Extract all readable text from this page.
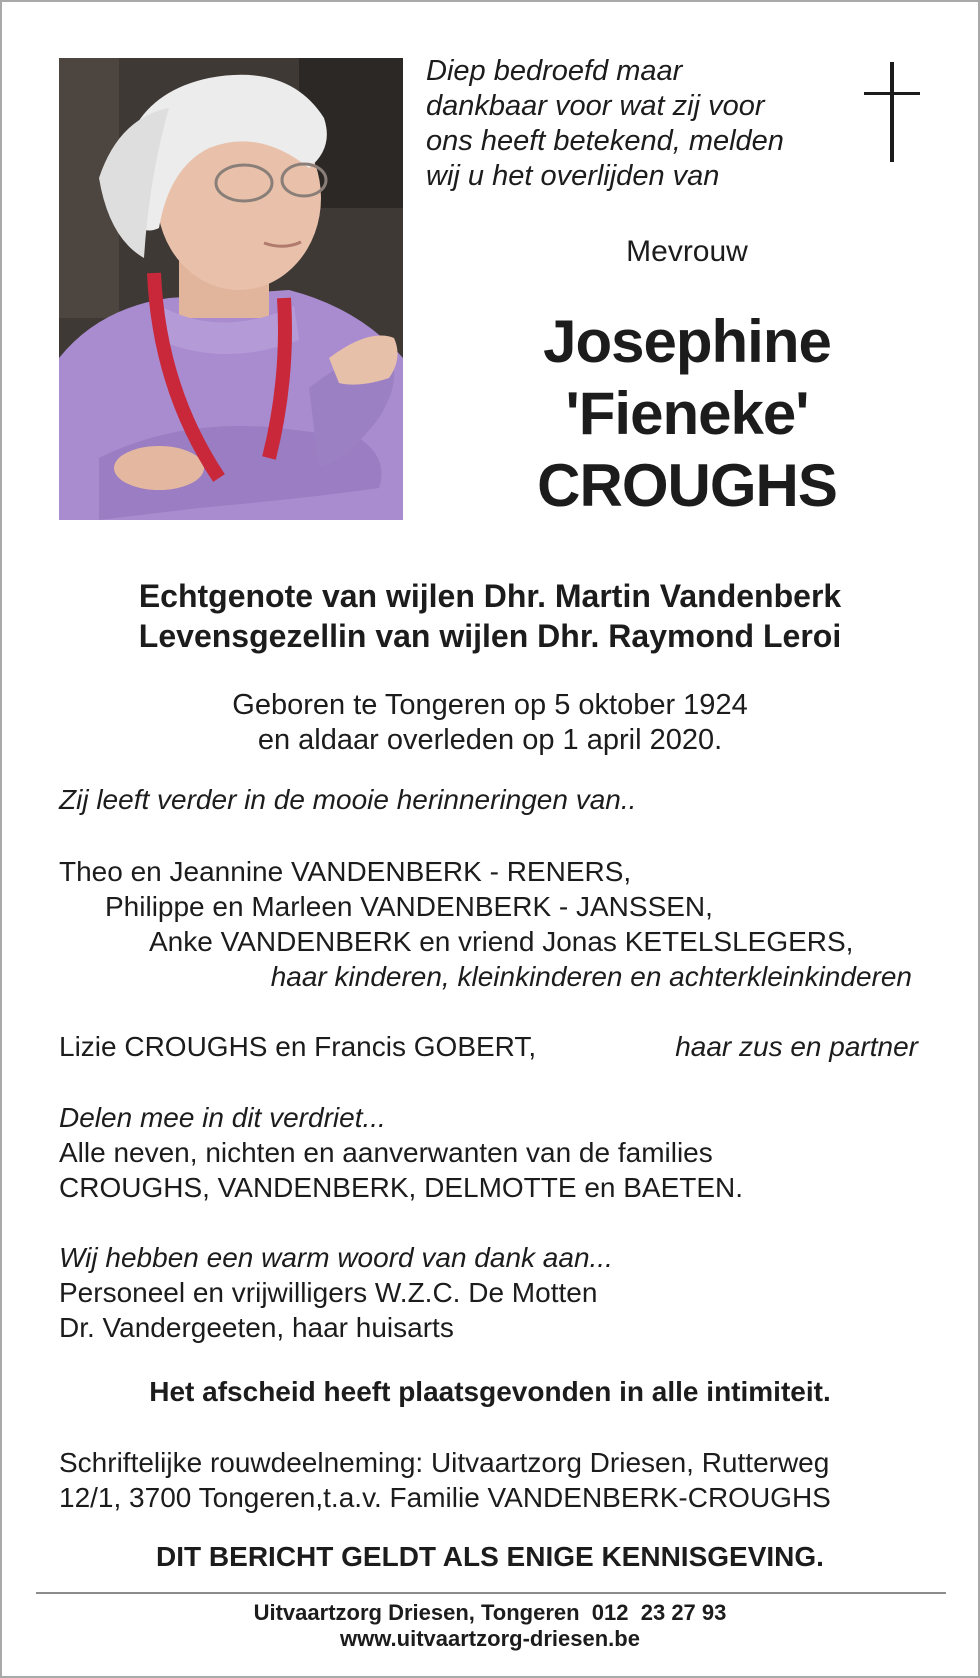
Diep bedroefd maar
dankbaar voor wat zij voor
ons heeft betekend, melden
wij u het overlijden van
Mevrouw
Josephine
'Fieneke'
CROUGHS
Echtgenote van wijlen Dhr. Martin Vandenberk
Levensgezellin van wijlen Dhr. Raymond Leroi
Geboren te Tongeren op 5 oktober 1924
en aldaar overleden op 1 april 2020.
Zij leeft verder in de mooie herinneringen van..
Theo en Jeannine VANDENBERK - RENERS,
Philippe en Marleen VANDENBERK - JANSSEN,
Anke VANDENBERK en vriend Jonas KETELSLEGERS,
haar kinderen, kleinkinderen en achterkleinkinderen
Lizie CROUGHS en Francis GOBERT,	haar zus en partner
Delen mee in dit verdriet...
Alle neven, nichten en aanverwanten van de families
CROUGHS, VANDENBERK, DELMOTTE en BAETEN.
Wij hebben een warm woord van dank aan...
Personeel en vrijwilligers W.Z.C. De Motten
Dr. Vandergeeten, haar huisarts
Het afscheid heeft plaatsgevonden in alle intimiteit.
Schriftelijke rouwdeelneming: Uitvaartzorg Driesen, Rutterweg
12/1, 3700 Tongeren,t.a.v. Familie VANDENBERK-CROUGHS
DIT BERICHT GELDT ALS ENIGE KENNISGEVING.
Uitvaartzorg Driesen, Tongeren  012  23 27 93
www.uitvaartzorg-driesen.be
